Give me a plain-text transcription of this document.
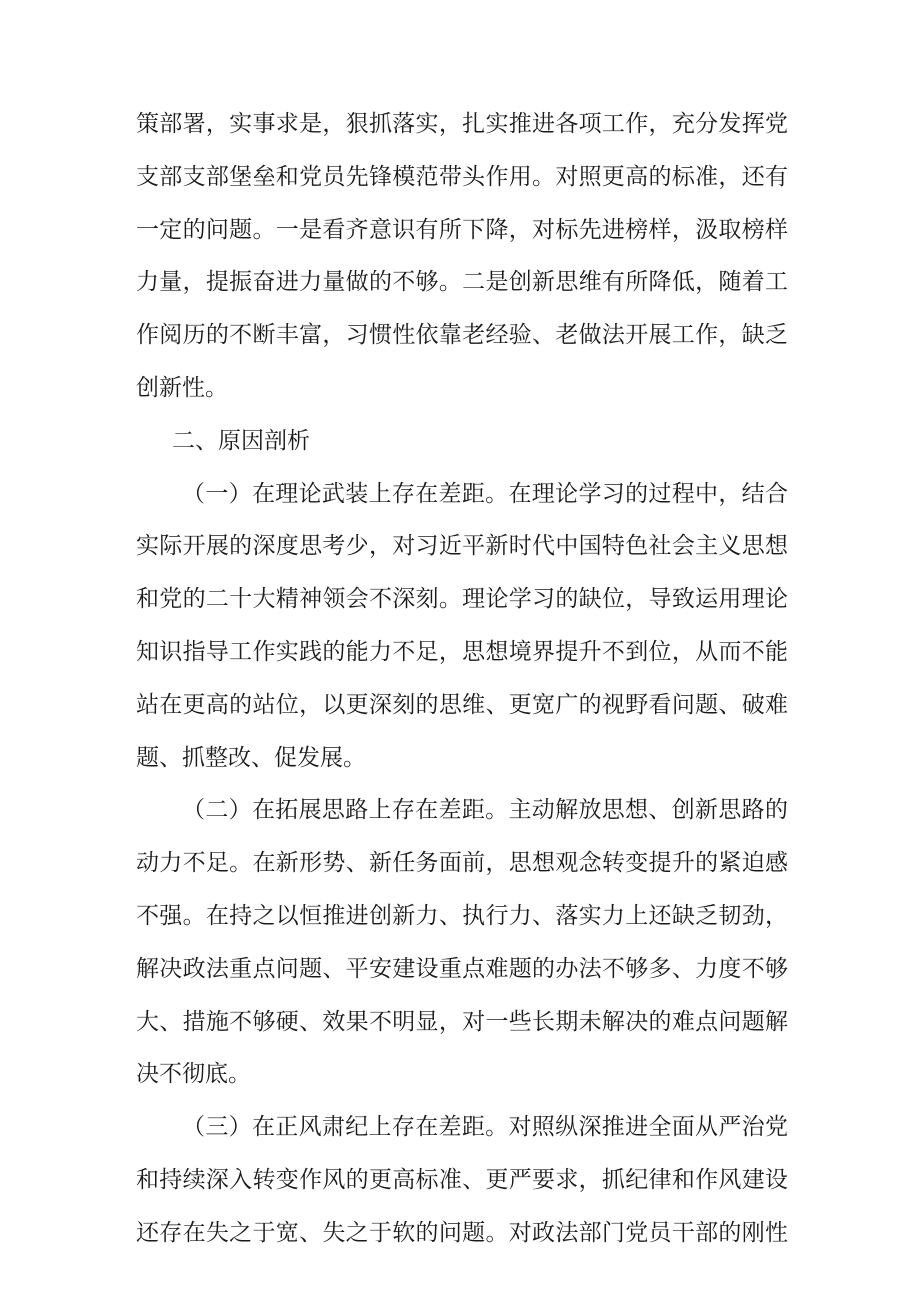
策部署，实事求是，狠抓落实，扎实推进各项工作，充分发挥党
支部支部堡垒和党员先锋模范带头作用。对照更高的标准，还有
一定的问题。一是看齐意识有所下降，对标先进榜样，汲取榜样
力量，提振奋进力量做的不够。二是创新思维有所降低，随着工
作阅历的不断丰富，习惯性依靠老经验、老做法开展工作，缺乏
创新性。
二、原因剖析
（一）在理论武装上存在差距。在理论学习的过程中，结合
实际开展的深度思考少，对习近平新时代中国特色社会主义思想
和党的二十大精神领会不深刻。理论学习的缺位，导致运用理论
知识指导工作实践的能力不足，思想境界提升不到位，从而不能
站在更高的站位，以更深刻的思维、更宽广的视野看问题、破难
题、抓整改、促发展。
（二）在拓展思路上存在差距。主动解放思想、创新思路的
动力不足。在新形势、新任务面前，思想观念转变提升的紧迫感
不强。在持之以恒推进创新力、执行力、落实力上还缺乏韧劲，
解决政法重点问题、平安建设重点难题的办法不够多、力度不够
大、措施不够硬、效果不明显，对一些长期未解决的难点问题解
决不彻底。
（三）在正风肃纪上存在差距。对照纵深推进全面从严治党
和持续深入转变作风的更高标准、更严要求，抓纪律和作风建设
还存在失之于宽、失之于软的问题。对政法部门党员干部的刚性
